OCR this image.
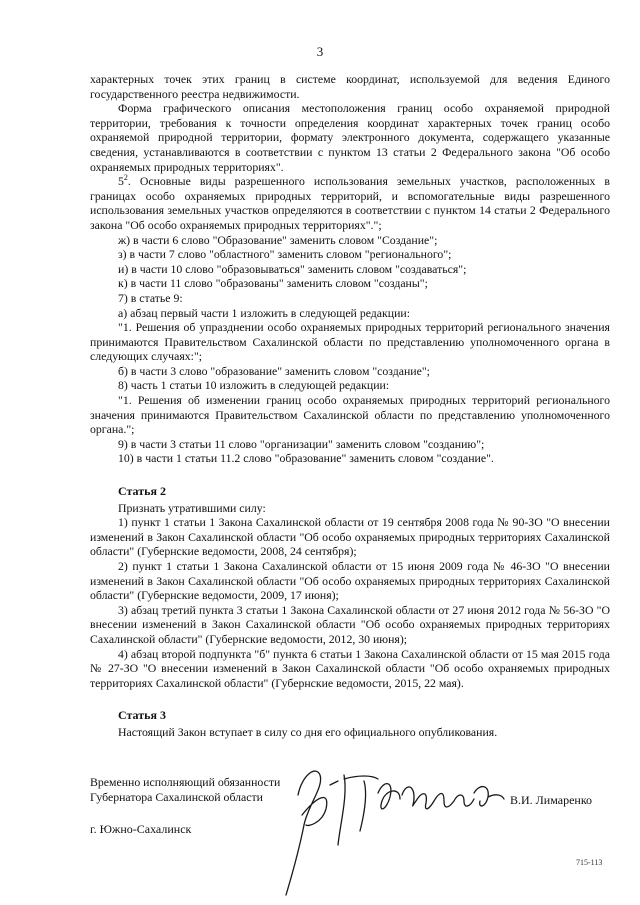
3

характерных точек этих границ в системе координат, используемой для ведения Единого государственного реестра недвижимости.

Форма графического описания местоположения границ особо охраняемой природной территории, требования к точности определения координат характерных точек границ особо охраняемой природной территории, формату электронного документа, содержащего указанные сведения, устанавливаются в соответствии с пунктом 13 статьи 2 Федерального закона "Об особо охраняемых природных территориях".

$5^2$. Основные виды разрешенного использования земельных участков, расположенных в границах особо охраняемых природных территорий, и вспомогательные виды разрешенного использования земельных участков определяются в соответствии с пунктом 14 статьи 2 Федерального закона "Об особо охраняемых природных территориях".";

ж) в части 6 слово "Образование" заменить словом "Создание";

з) в части 7 слово "областного" заменить словом "регионального";

и) в части 10 слово "образовываться" заменить словом "создаваться";

к) в части 11 слово "образованы" заменить словом "созданы";

7) в статье 9:

а) абзац первый части 1 изложить в следующей редакции:

"1. Решения об упразднении особо охраняемых природных территорий регионального значения принимаются Правительством Сахалинской области по представлению уполномоченного органа в следующих случаях:";

б) в части 3 слово "образование" заменить словом "создание";

8) часть 1 статьи 10 изложить в следующей редакции:

"1. Решения об изменении границ особо охраняемых природных территорий регионального значения принимаются Правительством Сахалинской области по представлению уполномоченного органа.";

9) в части 3 статьи 11 слово "организации" заменить словом "созданию";

10) в части 1 статьи 11.2 слово "образование" заменить словом "создание".

Статья 2

Признать утратившими силу:

1) пункт 1 статьи 1 Закона Сахалинской области от 19 сентября 2008 года № 90-ЗО "О внесении изменений в Закон Сахалинской области "Об особо охраняемых природных территориях Сахалинской области" (Губернские ведомости, 2008, 24 сентября);

2) пункт 1 статьи 1 Закона Сахалинской области от 15 июня 2009 года № 46-ЗО "О внесении изменений в Закон Сахалинской области "Об особо охраняемых природных территориях Сахалинской области" (Губернские ведомости, 2009, 17 июня);

3) абзац третий пункта 3 статьи 1 Закона Сахалинской области от 27 июня 2012 года № 56-ЗО "О внесении изменений в Закон Сахалинской области "Об особо охраняемых природных территориях Сахалинской области" (Губернские ведомости, 2012, 30 июня);

4) абзац второй подпункта "б" пункта 6 статьи 1 Закона Сахалинской области от 15 мая 2015 года № 27-ЗО "О внесении изменений в Закон Сахалинской области "Об особо охраняемых природных территориях Сахалинской области" (Губернские ведомости, 2015, 22 мая).

Статья 3

Настоящий Закон вступает в силу со дня его официального опубликования.

Временно исполняющий обязанности
Губернатора Сахалинской области	В.И. Лимаренко
г. Южно-Сахалинск
715-113
